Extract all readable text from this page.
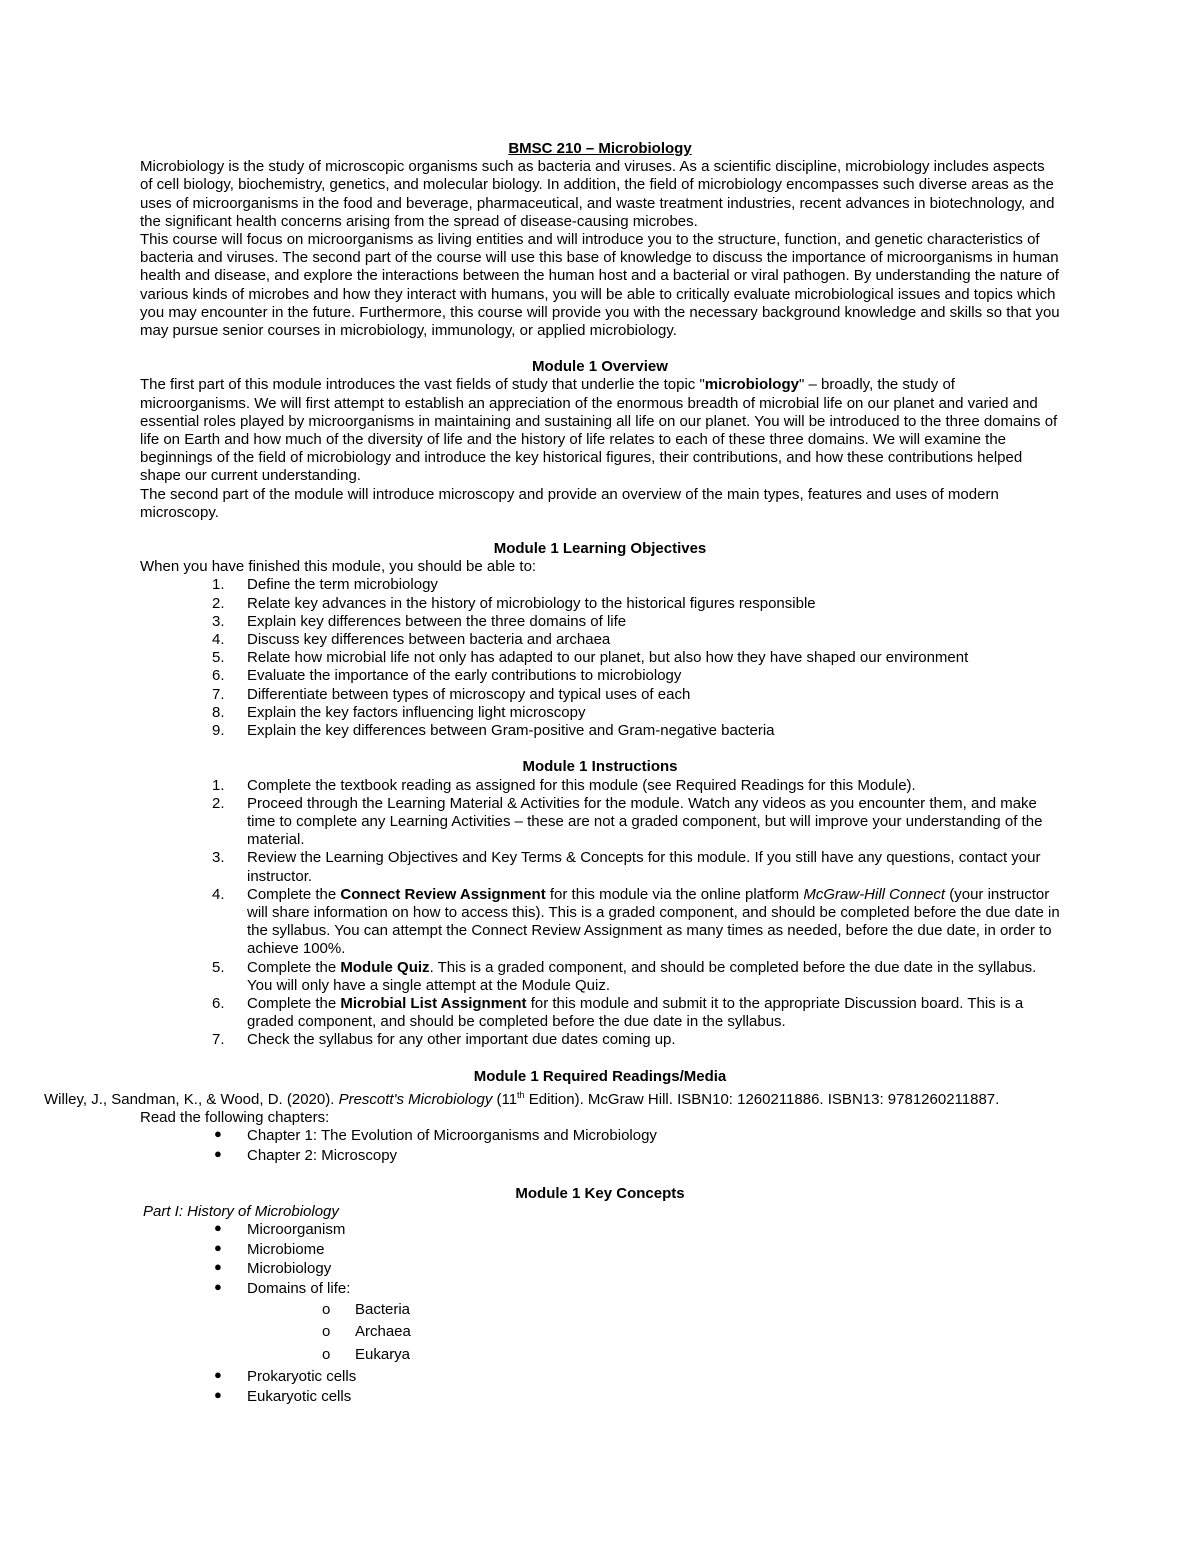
BMSC 210 – Microbiology

Microbiology is the study of microscopic organisms such as bacteria and viruses. As a scientific discipline, microbiology includes aspects of cell biology, biochemistry, genetics, and molecular biology. In addition, the field of microbiology encompasses such diverse areas as the uses of microorganisms in the food and beverage, pharmaceutical, and waste treatment industries, recent advances in biotechnology, and the significant health concerns arising from the spread of disease-causing microbes.

This course will focus on microorganisms as living entities and will introduce you to the structure, function, and genetic characteristics of bacteria and viruses. The second part of the course will use this base of knowledge to discuss the importance of microorganisms in human health and disease, and explore the interactions between the human host and a bacterial or viral pathogen. By understanding the nature of various kinds of microbes and how they interact with humans, you will be able to critically evaluate microbiological issues and topics which you may encounter in the future. Furthermore, this course will provide you with the necessary background knowledge and skills so that you may pursue senior courses in microbiology, immunology, or applied microbiology.

Module 1 Overview

The first part of this module introduces the vast fields of study that underlie the topic "microbiology" – broadly, the study of microorganisms. We will first attempt to establish an appreciation of the enormous breadth of microbial life on our planet and varied and essential roles played by microorganisms in maintaining and sustaining all life on our planet. You will be introduced to the three domains of life on Earth and how much of the diversity of life and the history of life relates to each of these three domains. We will examine the beginnings of the field of microbiology and introduce the key historical figures, their contributions, and how these contributions helped shape our current understanding.

The second part of the module will introduce microscopy and provide an overview of the main types, features and uses of modern microscopy.

Module 1 Learning Objectives

When you have finished this module, you should be able to:

1.	Define the term microbiology
2.	Relate key advances in the history of microbiology to the historical figures responsible
3.	Explain key differences between the three domains of life
4.	Discuss key differences between bacteria and archaea
5.	Relate how microbial life not only has adapted to our planet, but also how they have shaped our environment
6.	Evaluate the importance of the early contributions to microbiology
7.	Differentiate between types of microscopy and typical uses of each
8.	Explain the key factors influencing light microscopy
9.	Explain the key differences between Gram-positive and Gram-negative bacteria
Module 1 Instructions
1.	Complete the textbook reading as assigned for this module (see Required Readings for this Module).
2.	Proceed through the Learning Material & Activities for the module. Watch any videos as you encounter them, and make time to complete any Learning Activities – these are not a graded component, but will improve your understanding of the material.
3.	Review the Learning Objectives and Key Terms & Concepts for this module. If you still have any questions, contact your instructor.
4.	Complete the Connect Review Assignment for this module via the online platform McGraw-Hill Connect (your instructor will share information on how to access this). This is a graded component, and should be completed before the due date in the syllabus. You can attempt the Connect Review Assignment as many times as needed, before the due date, in order to achieve 100%.
5.	Complete the Module Quiz. This is a graded component, and should be completed before the due date in the syllabus. You will only have a single attempt at the Module Quiz.
6.	Complete the Microbial List Assignment for this module and submit it to the appropriate Discussion board. This is a graded component, and should be completed before the due date in the syllabus.
7.	Check the syllabus for any other important due dates coming up.
Module 1 Required Readings/Media

Willey, J., Sandman, K., & Wood, D. (2020). Prescott's Microbiology (11th Edition). McGraw Hill. ISBN10: 1260211886. ISBN13: 9781260211887.

Read the following chapters:

● Chapter 1: The Evolution of Microorganisms and Microbiology
● Chapter 2: Microscopy
Module 1 Key Concepts

Part I: History of Microbiology

● Microorganism
● Microbiome
● Microbiology
● Domains of life:
o Bacteria
o Archaea
o Eukarya
● Prokaryotic cells
● Eukaryotic cells
